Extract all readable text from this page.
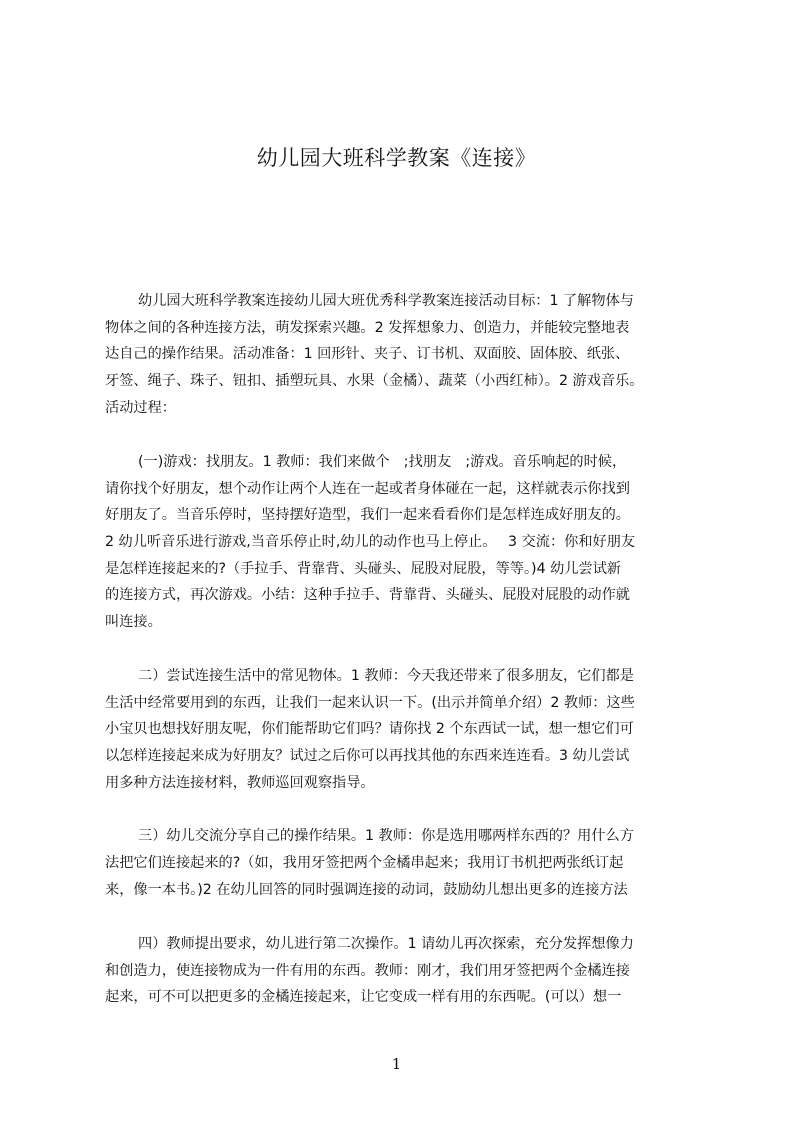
幼儿园大班科学教案《连接》
幼儿园大班科学教案连接幼儿园大班优秀科学教案连接活动目标：1 了解物体与
物体之间的各种连接方法，萌发探索兴趣。2 发挥想象力、创造力，并能较完整地表
达自己的操作结果。活动准备：1 回形针、夹子、订书机、双面胶、固体胶、纸张、
牙签、绳子、珠子、钮扣、插塑玩具、水果（金橘）、蔬菜（小西红柿）。2 游戏音乐。
活动过程：
(一)游戏：找朋友。1 教师：我们来做个　;找朋友　;游戏。音乐响起的时候，
请你找个好朋友，想个动作让两个人连在一起或者身体碰在一起，这样就表示你找到
好朋友了。当音乐停时，坚持摆好造型，我们一起来看看你们是怎样连成好朋友的。
2 幼儿听音乐进行游戏,当音乐停止时,幼儿的动作也马上停止。　 3 交流：你和好朋友
是怎样连接起来的?（手拉手、背靠背、头碰头、屁股对屁股，等等。)4 幼儿尝试新
的连接方式，再次游戏。小结：这种手拉手、背靠背、头碰头、屁股对屁股的动作就
叫连接。
二）尝试连接生活中的常见物体。1 教师：今天我还带来了很多朋友，它们都是
生活中经常要用到的东西，让我们一起来认识一下。(出示并简单介绍）2 教师：这些
小宝贝也想找好朋友呢，你们能帮助它们吗？请你找 2 个东西试一试，想一想它们可
以怎样连接起来成为好朋友？试过之后你可以再找其他的东西来连连看。3 幼儿尝试
用多种方法连接材料，教师巡回观察指导。
三）幼儿交流分享自己的操作结果。1 教师：你是选用哪两样东西的？用什么方
法把它们连接起来的?（如，我用牙签把两个金橘串起来；我用订书机把两张纸订起
来，像一本书。)2 在幼儿回答的同时强调连接的动词，鼓励幼儿想出更多的连接方法
四）教师提出要求，幼儿进行第二次操作。1 请幼儿再次探索，充分发挥想像力
和创造力，使连接物成为一件有用的东西。教师：刚才，我们用牙签把两个金橘连接
起来，可不可以把更多的金橘连接起来，让它变成一样有用的东西呢。(可以）想一
1
